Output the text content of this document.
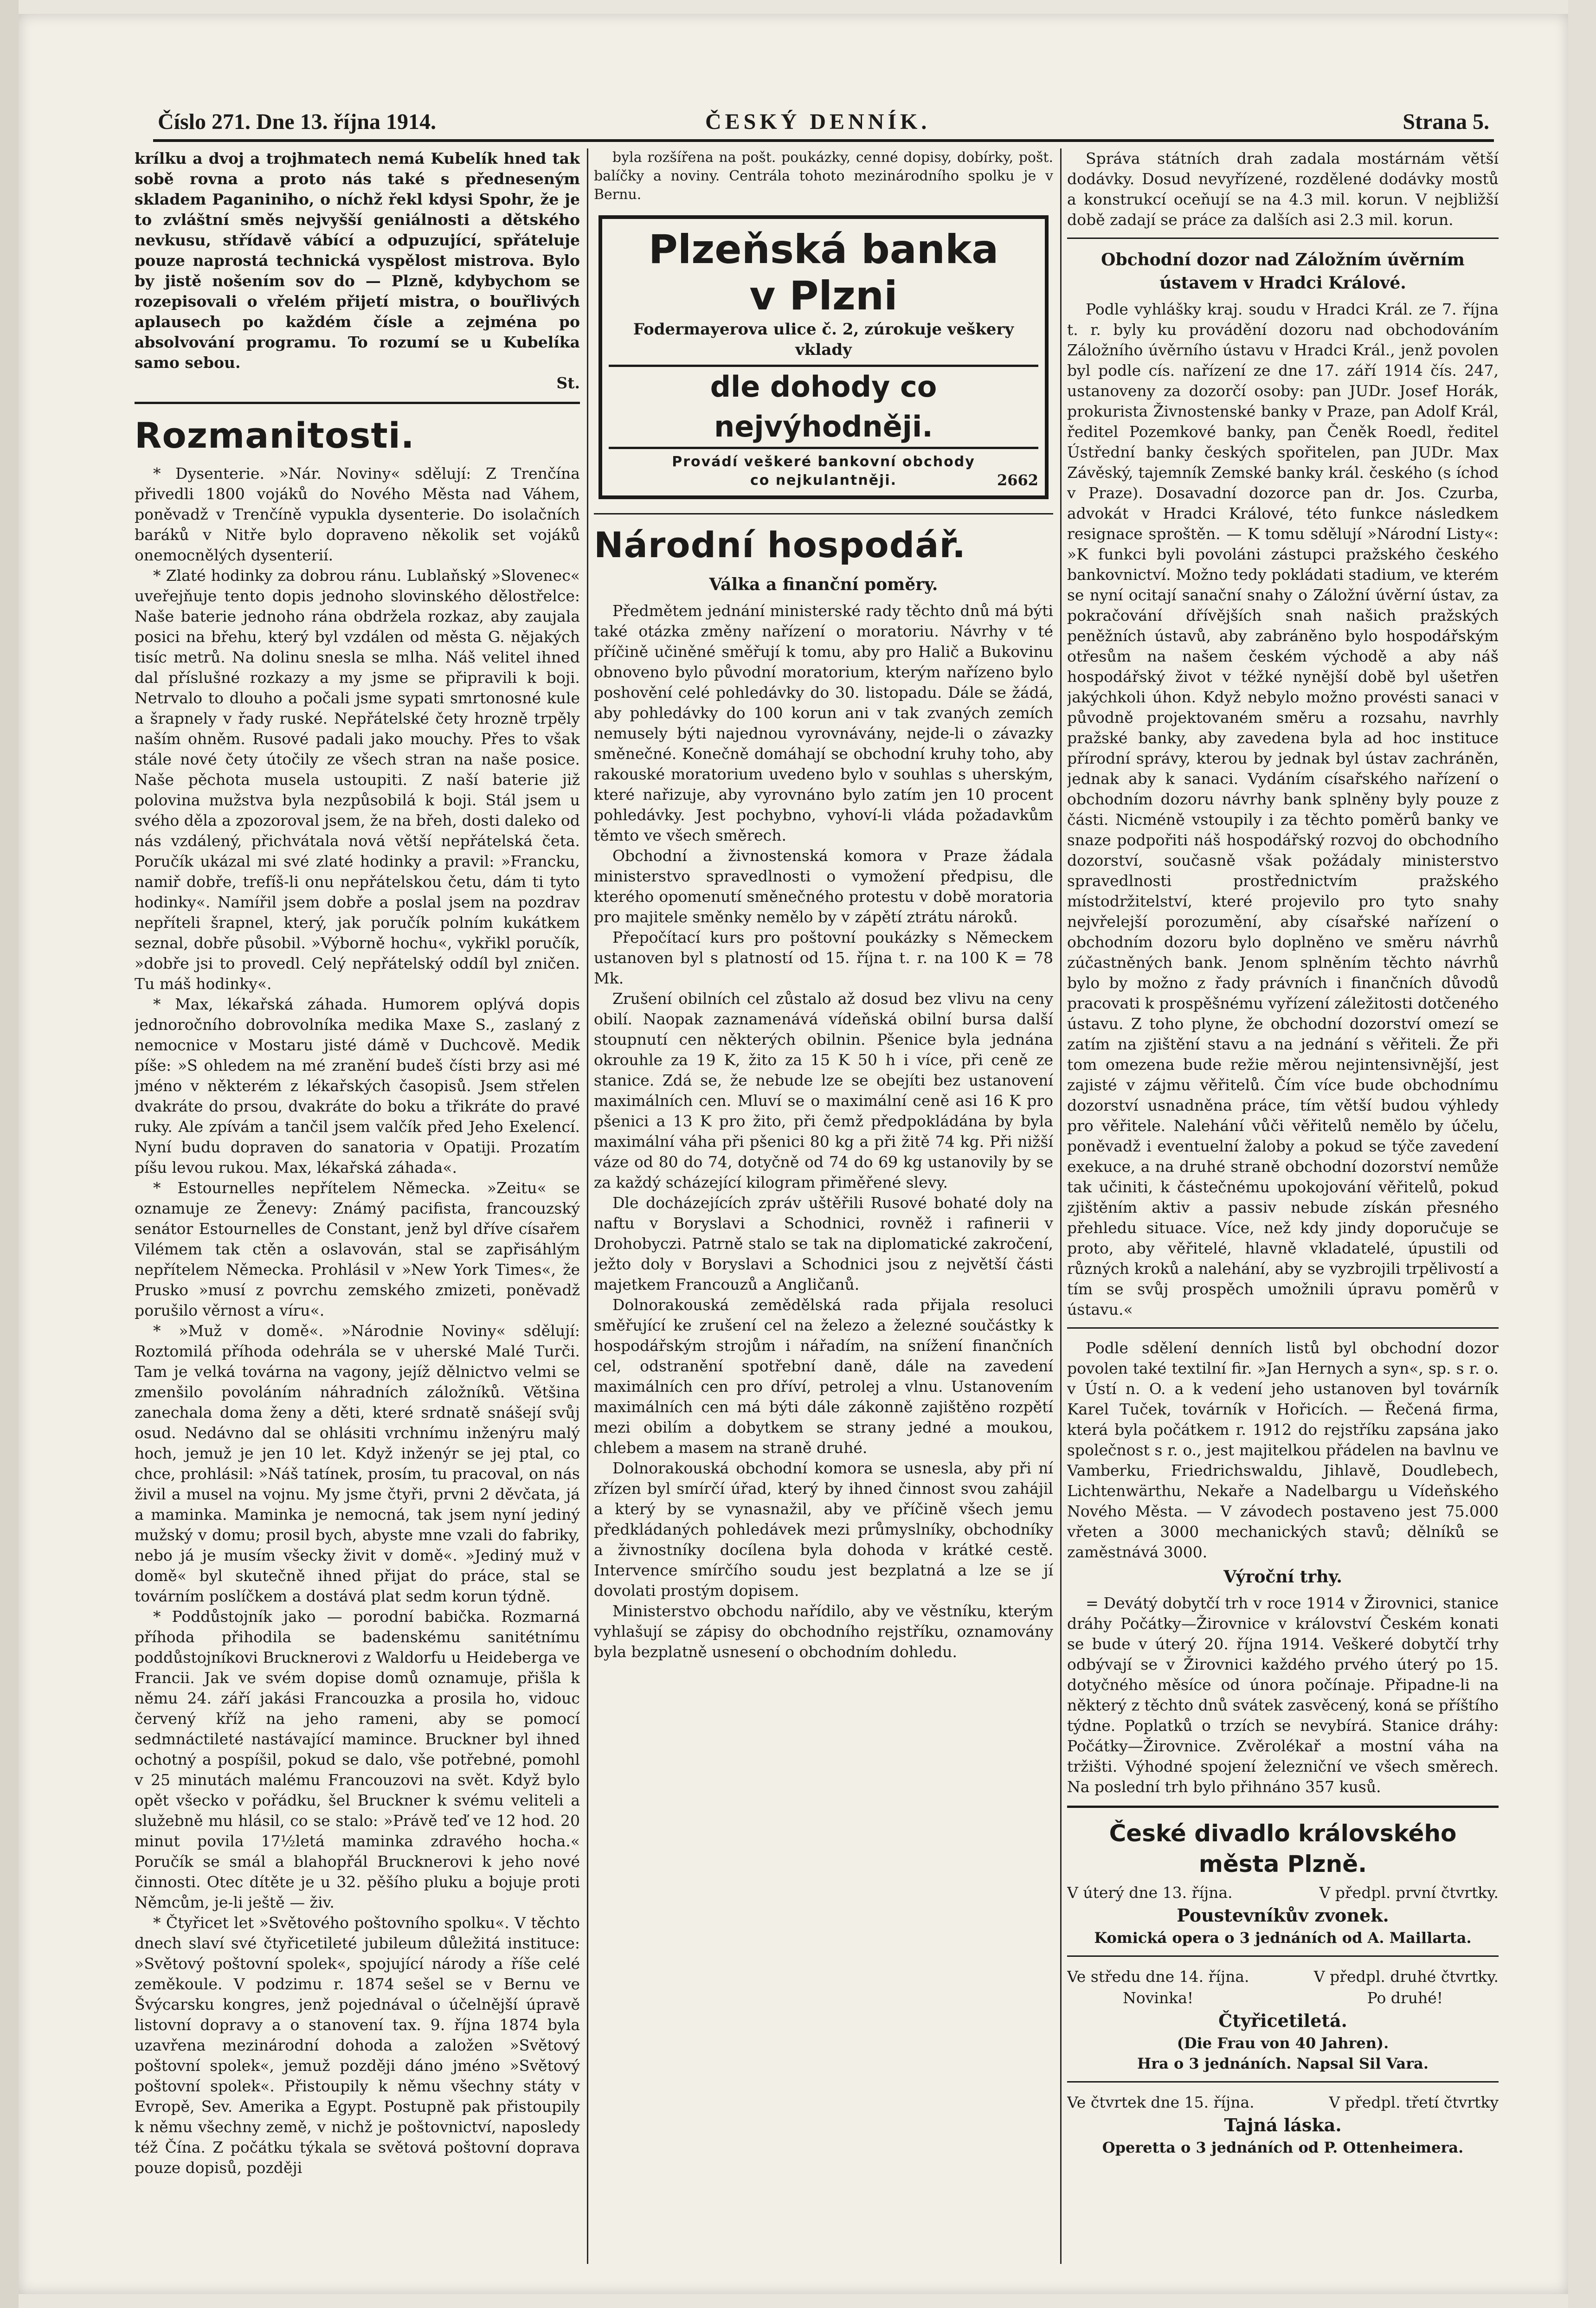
Číslo 271. Dne 13. října 1914.	ČESKÝ DENNÍK.	Strana 5.

krílku a dvoj a trojhmatech nemá Kubelík hned tak sobě rovna a proto nás také s předneseným skladem Paganiniho, o níchž řekl kdysi Spohr, že je to zvláštní směs nejvyšší geniálnosti a dětského nevkusu, střídavě vábící a odpuzující, spřáteluje pouze naprostá technická vyspělost mistrova. Bylo by jistě nošením sov do — Plzně, kdybychom se rozepisovali o vřelém přijetí mistra, o bouřlivých aplausech po každém čísle a zejména po absolvování programu. To rozumí se u Kubelíka samo sebou.

St.

Rozmanitosti.

* Dysenterie. »Nár. Noviny« sdělují: Z Trenčína přivedli 1800 vojáků do Nového Města nad Váhem, poněvadž v Trenčíně vypukla dysenterie. Do isolačních baráků v Nitře bylo dopraveno několik set vojáků onemocnělých dysenterií.

* Zlaté hodinky za dobrou ránu. Lublaňský »Slovenec« uveřejňuje tento dopis jednoho slovinského dělostřelce: Naše baterie jednoho rána obdržela rozkaz, aby zaujala posici na břehu, který byl vzdálen od města G. nějakých tisíc metrů. Na dolinu snesla se mlha. Náš velitel ihned dal příslušné rozkazy a my jsme se připravili k boji. Netrvalo to dlouho a počali jsme sypati smrtonosné kule a šrapnely v řady ruské. Nepřátelské čety hrozně trpěly naším ohněm. Rusové padali jako mouchy. Přes to však stále nové čety útočily ze všech stran na naše posice. Naše pěchota musela ustoupiti. Z naší baterie již polovina mužstva byla nezpůsobilá k boji. Stál jsem u svého děla a zpozoroval jsem, že na břeh, dosti daleko od nás vzdálený, přichvátala nová větší nepřátelská četa. Poručík ukázal mi své zlaté hodinky a pravil: »Francku, namiř dobře, trefíš-li onu nepřátelskou četu, dám ti tyto hodinky«. Namířil jsem dobře a poslal jsem na pozdrav nepříteli šrapnel, který, jak poručík polním kukátkem seznal, dobře působil. »Výborně hochu«, vykřikl poručík, »dobře jsi to provedl. Celý nepřátelský oddíl byl zničen. Tu máš hodinky«.

* Max, lékařská záhada. Humorem oplývá dopis jednoročního dobrovolníka medika Maxe S., zaslaný z nemocnice v Mostaru jisté dámě v Duchcově. Medik píše: »S ohledem na mé zranění budeš čísti brzy asi mé jméno v některém z lékařských časopisů. Jsem střelen dvakráte do prsou, dvakráte do boku a třikráte do pravé ruky. Ale zpívám a tančil jsem valčík před Jeho Exelencí. Nyní budu dopraven do sanatoria v Opatiji. Prozatím píšu levou rukou. Max, lékařská záhada«.

* Estournelles nepřítelem Německa. »Zeitu« se oznamuje ze Ženevy: Známý pacifista, francouzský senátor Estournelles de Constant, jenž byl dříve císařem Vilémem tak ctěn a oslavován, stal se zapřisáhlým nepřítelem Německa. Prohlásil v »New York Times«, že Prusko »musí z povrchu zemského zmizeti, poněvadž porušilo věrnost a víru«.

* »Muž v domě«. »Národnie Noviny« sdělují: Roztomilá příhoda odehrála se v uherské Malé Turči. Tam je velká továrna na vagony, jejíž dělnictvo velmi se zmenšilo povoláním náhradních záložníků. Většina zanechala doma ženy a děti, které srdnatě snášejí svůj osud. Nedávno dal se ohlásiti vrchnímu inženýru malý hoch, jemuž je jen 10 let. Když inženýr se jej ptal, co chce, prohlásil: »Náš tatínek, prosím, tu pracoval, on nás živil a musel na vojnu. My jsme čtyři, prvni 2 děvčata, já a maminka. Maminka je nemocná, tak jsem nyní jediný mužský v domu; prosil bych, abyste mne vzali do fabriky, nebo já je musím všecky živit v domě«. »Jediný muž v domě« byl skutečně ihned přijat do práce, stal se továrním poslíčkem a dostává plat sedm korun týdně.

* Poddůstojník jako — porodní babička. Rozmarná příhoda přihodila se badenskému sanitétnímu poddůstojníkovi Brucknerovi z Waldorfu u Heideberga ve Francii. Jak ve svém dopise domů oznamuje, přišla k němu 24. září jakási Francouzka a prosila ho, vidouc červený kříž na jeho rameni, aby se pomocí sedmnáctileté nastávající mamince. Bruckner byl ihned ochotný a pospíšil, pokud se dalo, vše potřebné, pomohl v 25 minutách malému Francouzovi na svět. Když bylo opět všecko v pořádku, šel Bruckner k svému veliteli a služebně mu hlásil, co se stalo: »Právě teď ve 12 hod. 20 minut povila 17½letá maminka zdravého hocha.« Poručík se smál a blahopřál Brucknerovi k jeho nové činnosti. Otec dítěte je u 32. pěšího pluku a bojuje proti Němcům, je-li ještě — živ.

* Čtyřicet let »Světového poštovního spolku«. V těchto dnech slaví své čtyřicetileté jubileum důležitá instituce: »Světový poštovní spolek«, spojující národy a říše celé zeměkoule. V podzimu r. 1874 sešel se v Bernu ve Švýcarsku kongres, jenž pojednával o účelnější úpravě listovní dopravy a o stanovení tax. 9. října 1874 byla uzavřena mezinárodní dohoda a založen »Světový poštovní spolek«, jemuž později dáno jméno »Světový poštovní spolek«. Přistoupily k němu všechny státy v Evropě, Sev. Amerika a Egypt. Postupně pak přistoupily k němu všechny země, v nichž je poštovnictví, naposledy též Čína. Z počátku týkala se světová poštovní doprava pouze dopisů, později

byla rozšířena na pošt. poukázky, cenné dopisy, dobírky, pošt. balíčky a noviny. Centrála tohoto mezinárodního spolku je v Bernu.

Plzeňská banka
v Plzni
Fodermayerova ulice č. 2, zúrokuje veškery vklady
dle dohody co nejvýhodněji.
Provádí veškeré bankovní obchody
co nejkulantněji.	2662
Národní hospodář.
Válka a finanční poměry.

Předmětem jednání ministerské rady těchto dnů má býti také otázka změny nařízení o moratoriu. Návrhy v té příčině učiněné směřují k tomu, aby pro Halič a Bukovinu obnoveno bylo původní moratorium, kterým nařízeno bylo poshovění celé pohledávky do 30. listopadu. Dále se žádá, aby pohledávky do 100 korun ani v tak zvaných zemích nemusely býti najednou vyrovnávány, nejde-li o závazky směnečné. Konečně domáhají se obchodní kruhy toho, aby rakouské moratorium uvedeno bylo v souhlas s uherským, které nařizuje, aby vyrovnáno bylo zatím jen 10 procent pohledávky. Jest pochybno, vyhoví-li vláda požadavkům těmto ve všech směrech.

Obchodní a živnostenská komora v Praze žádala ministerstvo spravedlnosti o vymožení předpisu, dle kterého opomenutí směnečného protestu v době moratoria pro majitele směnky nemělo by v zápětí ztrátu nároků.

Přepočítací kurs pro poštovní poukázky s Německem ustanoven byl s platností od 15. října t. r. na 100 K = 78 Mk.

Zrušení obilních cel zůstalo až dosud bez vlivu na ceny obilí. Naopak zaznamenává vídeňská obilní bursa další stoupnutí cen některých obilnin. Pšenice byla jednána okrouhle za 19 K, žito za 15 K 50 h i více, při ceně ze stanice. Zdá se, že nebude lze se obejíti bez ustanovení maximálních cen. Mluví se o maximální ceně asi 16 K pro pšenici a 13 K pro žito, při čemž předpokládána by byla maximální váha při pšenici 80 kg a při žitě 74 kg. Při nižší váze od 80 do 74, dotyčně od 74 do 69 kg ustanovily by se za každý scházející kilogram přiměřené slevy.

Dle docházejících zpráv uštěřili Rusové bohaté doly na naftu v Boryslavi a Schodnici, rovněž i rafinerii v Drohobyczi. Patrně stalo se tak na diplomatické zakročení, ježto doly v Boryslavi a Schodnici jsou z největší části majetkem Francouzů a Angličanů.

Dolnorakouská zemědělská rada přijala resoluci směřující ke zrušení cel na železo a železné součástky k hospodářským strojům i nářadím, na snížení finančních cel, odstranění spotřební daně, dále na zavedení maximálních cen pro dříví, petrolej a vlnu. Ustanovením maximálních cen má býti dále zákonně zajištěno rozpětí mezi obilím a dobytkem se strany jedné a moukou, chlebem a masem na straně druhé.

Dolnorakouská obchodní komora se usnesla, aby při ní zřízen byl smírčí úřad, který by ihned činnost svou zahájil a který by se vynasnažil, aby ve příčině všech jemu předkládaných pohledávek mezi průmyslníky, obchodníky a živnostníky docílena byla dohoda v krátké cestě. Intervence smírčího soudu jest bezplatná a lze se jí dovolati prostým dopisem.

Ministerstvo obchodu nařídilo, aby ve věstníku, kterým vyhlašují se zápisy do obchodního rejstříku, oznamovány byla bezplatně usnesení o obchodním dohledu.

Správa státních drah zadala mostárnám větší dodávky. Dosud nevyřízené, rozdělené dodávky mostů a konstrukcí oceňují se na 4.3 mil. korun. V nejbližší době zadají se práce za dalších asi 2.3 mil. korun.

Obchodní dozor nad Záložním úvěrním ústavem v Hradci Králové.

Podle vyhlášky kraj. soudu v Hradci Král. ze 7. října t. r. byly ku provádění dozoru nad obchodováním Záložního úvěrního ústavu v Hradci Král., jenž povolen byl podle cís. nařízení ze dne 17. září 1914 čís. 247, ustanoveny za dozorčí osoby: pan JUDr. Josef Horák, prokurista Živnostenské banky v Praze, pan Adolf Král, ředitel Pozemkové banky, pan Čeněk Roedl, ředitel Ústřední banky českých spořitelen, pan JUDr. Max Závěský, tajemník Zemské banky král. českého (s íchod v Praze). Dosavadní dozorce pan dr. Jos. Czurba, advokát v Hradci Králové, této funkce následkem resignace sproštěn. — K tomu sdělují »Národní Listy«: »K funkci byli povoláni zástupci pražského českého bankovnictví. Možno tedy pokládati stadium, ve kterém se nyní ocitají sanační snahy o Záložní úvěrní ústav, za pokračování dřívějších snah našich pražských peněžních ústavů, aby zabráněno bylo hospodářským otřesům na našem českém východě a aby náš hospodářský život v téžké nynější době byl ušetřen jakýchkoli úhon. Když nebylo možno provésti sanaci v původně projektovaném směru a rozsahu, navrhly pražské banky, aby zavedena byla ad hoc instituce přírodní správy, kterou by jednak byl ústav zachráněn, jednak aby k sanaci. Vydáním císařského nařízení o obchodním dozoru návrhy bank splněny byly pouze z části. Nicméně vstoupily i za těchto poměrů banky ve snaze podpořiti náš hospodářský rozvoj do obchodního dozorství, současně však požádaly ministerstvo spravedlnosti prostřednictvím pražského místodržitelství, které projevilo pro tyto snahy nejvřelejší porozumění, aby císařské nařízení o obchodním dozoru bylo doplněno ve směru návrhů zúčastněných bank. Jenom splněním těchto návrhů bylo by možno z řady právních i finančních důvodů pracovati k prospěšnému vyřízení záležitosti dotčeného ústavu. Z toho plyne, že obchodní dozorství omezí se zatím na zjištění stavu a na jednání s věřiteli. Že při tom omezena bude režie měrou nejintensivnější, jest zajisté v zájmu věřitelů. Čím více bude obchodnímu dozorství usnadněna práce, tím větší budou výhledy pro věřitele. Nalehání vůči věřitelů nemělo by účelu, poněvadž i eventuelní žaloby a pokud se týče zavedení exekuce, a na druhé straně obchodní dozorství nemůže tak učiniti, k částečnému upokojování věřitelů, pokud zjištěním aktiv a passiv nebude získán přesného přehledu situace. Více, než kdy jindy doporučuje se proto, aby věřitelé, hlavně vkladatelé, úpustili od různých kroků a nalehání, aby se vyzbrojili trpělivostí a tím se svůj prospěch umožnili úpravu poměrů v ústavu.«

Podle sdělení denních listů byl obchodní dozor povolen také textilní fir. »Jan Hernych a syn«, sp. s r. o. v Ústí n. O. a k vedení jeho ustanoven byl továrník Karel Tuček, továrník v Hořicích. — Řečená firma, která byla počátkem r. 1912 do rejstříku zapsána jako společnost s r. o., jest majitelkou přádelen na bavlnu ve Vamberku, Friedrichswaldu, Jihlavě, Doudlebech, Lichtenwärthu, Nekaře a Nadelbargu u Vídeňského Nového Města. — V závodech postaveno jest 75.000 vřeten a 3000 mechanických stavů; dělníků se zaměstnává 3000.

Výroční trhy.

= Devátý dobytčí trh v roce 1914 v Žirovnici, stanice dráhy Počátky—Žirovnice v království Českém konati se bude v úterý 20. října 1914. Veškeré dobytčí trhy odbývají se v Žirovnici každého prvého úterý po 15. dotyčného měsíce od února počínaje. Připadne-li na některý z těchto dnů svátek zasvěcený, koná se příštího týdne. Poplatků o trzích se nevybírá. Stanice dráhy: Počátky—Žirovnice. Zvěrolékař a mostní váha na tržišti. Výhodné spojení železniční ve všech směrech. Na poslední trh bylo přihnáno 357 kusů.

České divadlo královského města Plzně.
V úterý dne 13. října.	V předpl. první čtvrtky.
Poustevníkův zvonek.
Komická opera o 3 jednáních od A. Maillarta.
Ve středu dne 14. října.	V předpl. druhé čtvrtky.
Novinka!	Po druhé!
Čtyřicetiletá.
(Die Frau von 40 Jahren).
Hra o 3 jednáních. Napsal Sil Vara.
Ve čtvrtek dne 15. října.	V předpl. třetí čtvrtky
Tajná láska.
Operetta o 3 jednáních od P. Ottenheimera.
